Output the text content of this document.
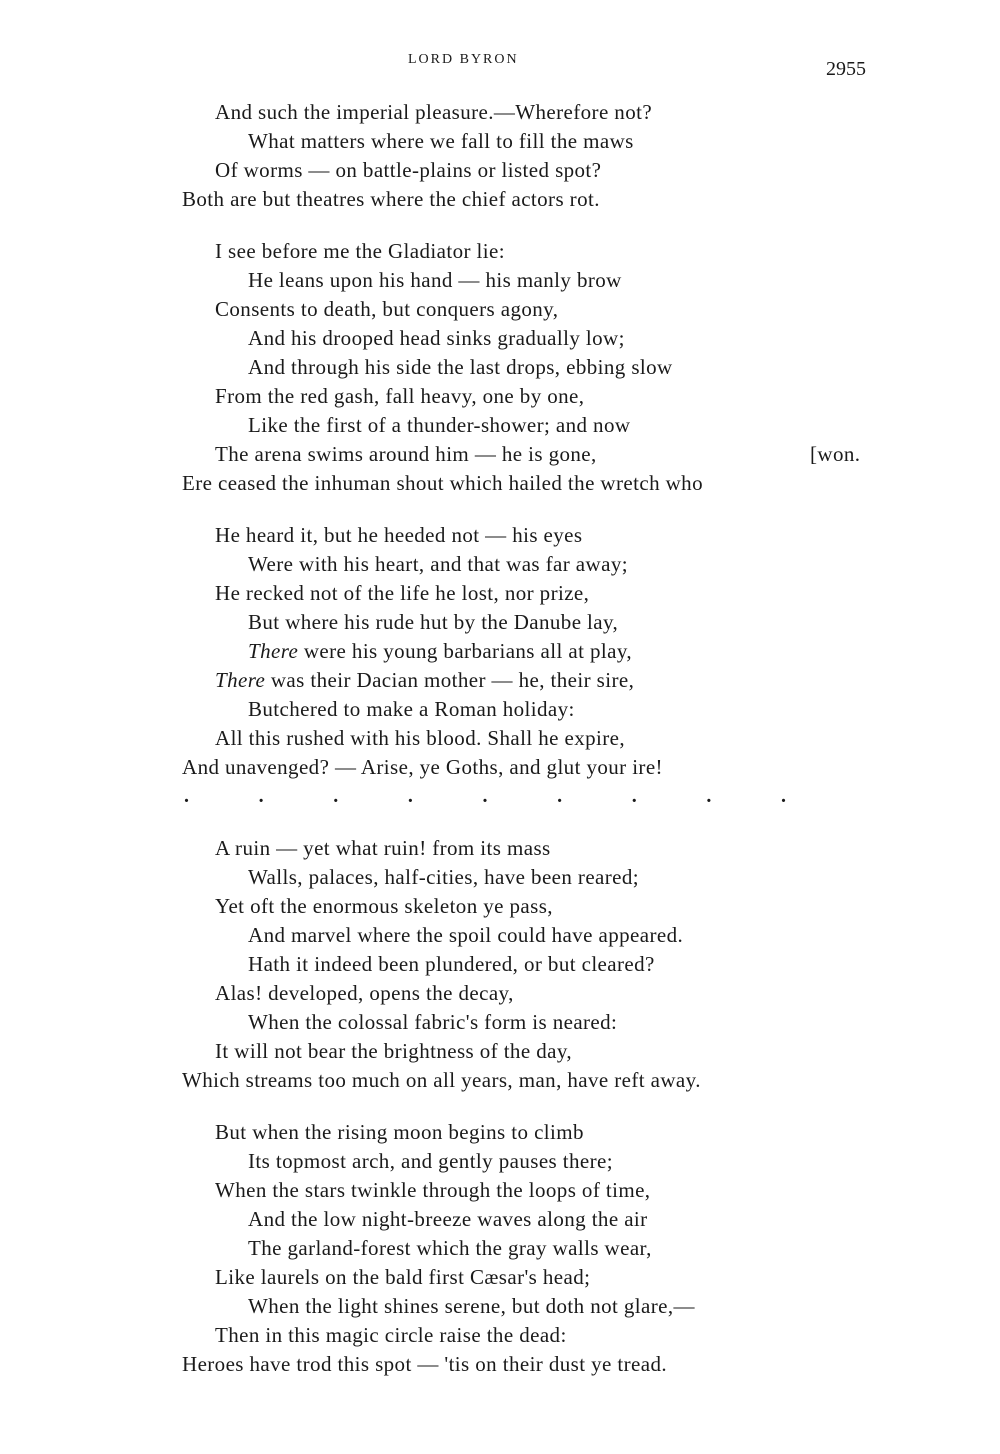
LORD BYRON	2955
And such the imperial pleasure.—Wherefore not?
What matters where we fall to fill the maws
Of worms — on battle-plains or listed spot?
Both are but theatres where the chief actors rot.
I see before me the Gladiator lie:
He leans upon his hand — his manly brow
Consents to death, but conquers agony,
And his drooped head sinks gradually low;
And through his side the last drops, ebbing slow
From the red gash, fall heavy, one by one,
Like the first of a thunder-shower; and now
The arena swims around him — he is gone,	[won.
Ere ceased the inhuman shout which hailed the wretch who
He heard it, but he heeded not — his eyes
Were with his heart, and that was far away;
He recked not of the life he lost, nor prize,
But where his rude hut by the Danube lay,
There were his young barbarians all at play,
There was their Dacian mother — he, their sire,
Butchered to make a Roman holiday:
All this rushed with his blood. Shall he expire,
And unavenged? — Arise, ye Goths, and glut your ire!
.	.	.	.	.	.	.	.	.
A ruin — yet what ruin! from its mass
Walls, palaces, half-cities, have been reared;
Yet oft the enormous skeleton ye pass,
And marvel where the spoil could have appeared.
Hath it indeed been plundered, or but cleared?
Alas! developed, opens the decay,
When the colossal fabric's form is neared:
It will not bear the brightness of the day,
Which streams too much on all years, man, have reft away.
But when the rising moon begins to climb
Its topmost arch, and gently pauses there;
When the stars twinkle through the loops of time,
And the low night-breeze waves along the air
The garland-forest which the gray walls wear,
Like laurels on the bald first Cæsar's head;
When the light shines serene, but doth not glare,—
Then in this magic circle raise the dead:
Heroes have trod this spot — 'tis on their dust ye tread.
